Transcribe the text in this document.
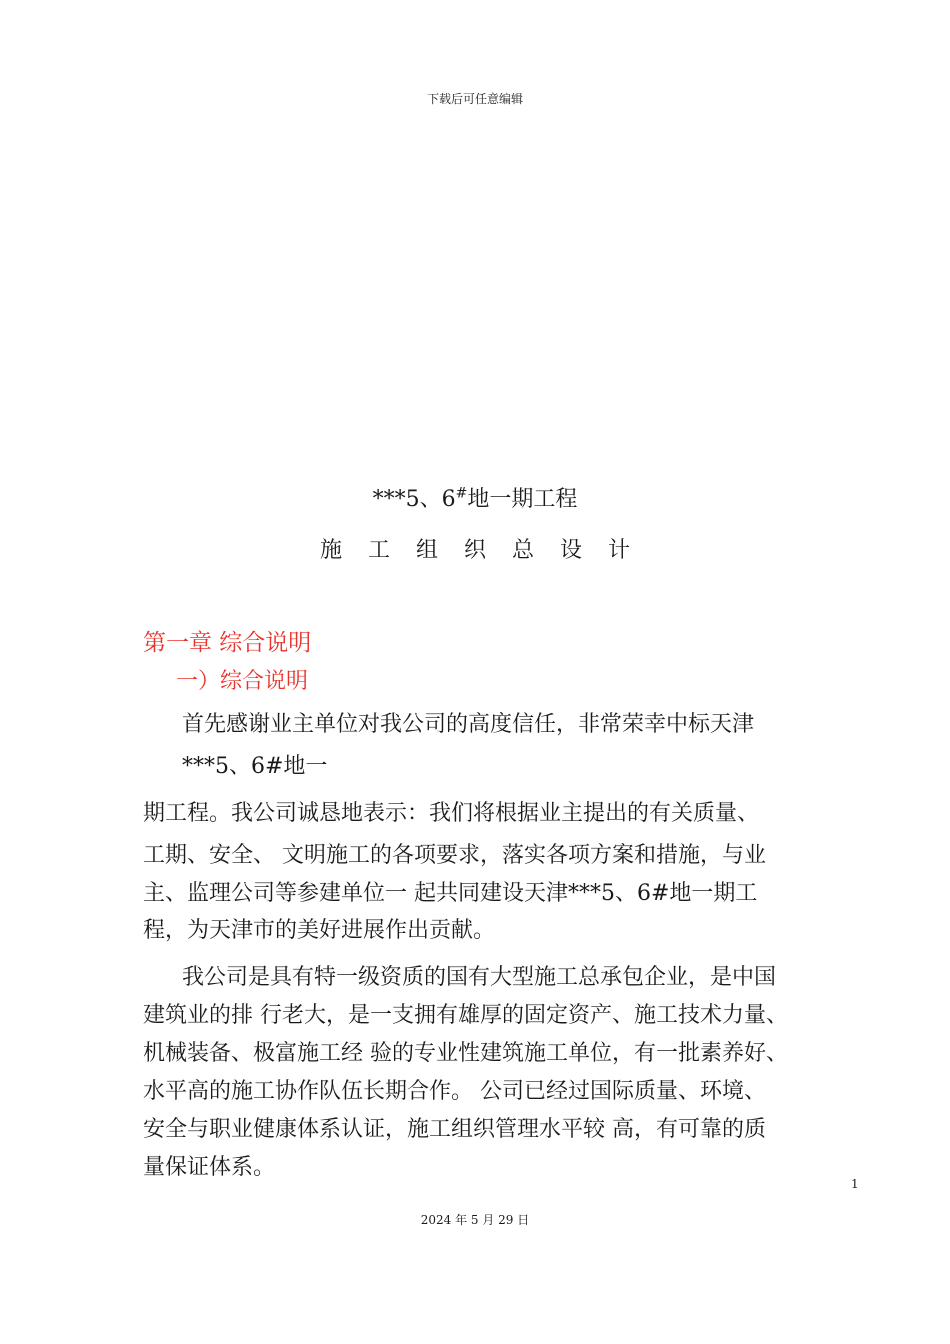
下载后可任意编辑
***5、6#地一期工程
施工组织总设计
第一章 综合说明
一）综合说明
首先感谢业主单位对我公司的高度信任，非常荣幸中标天津
***5、6#地一
期工程。我公司诚恳地表示：我们将根据业主提出的有关质量、
工期、安全、 文明施工的各项要求，落实各项方案和措施，与业
主、监理公司等参建单位一 起共同建设天津***5、6#地一期工
程，为天津市的美好进展作出贡献。
我公司是具有特一级资质的国有大型施工总承包企业，是中国
建筑业的排 行老大，是一支拥有雄厚的固定资产、施工技术力量、
机械装备、极富施工经 验的专业性建筑施工单位，有一批素养好、
水平高的施工协作队伍长期合作。 公司已经过国际质量、环境、
安全与职业健康体系认证，施工组织管理水平较 高，有可靠的质
量保证体系。
1
2024 年 5 月 29 日
